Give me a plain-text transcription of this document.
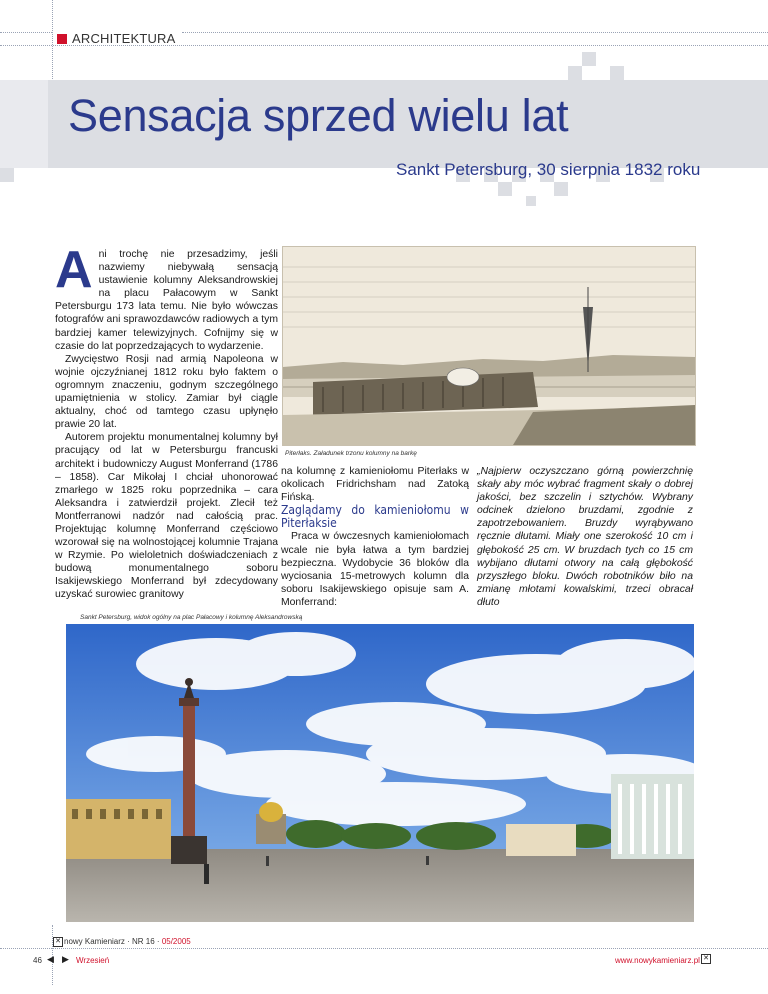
ARCHITEKTURA
Sensacja sprzed wielu lat
Sankt Petersburg, 30 sierpnia 1832 roku
A ni trochę nie przesadzimy, jeśli nazwiemy niebywałą sensacją ustawienie kolumny Aleksandrowskiej na placu Pałacowym w Sankt Petersburgu 173 lata temu. Nie było wówczas fotografów ani sprawozdawców radiowych a tym bardziej kamer telewizyjnych. Cofnijmy się w czasie do lat poprzedzających to wydarzenie.

Zwycięstwo Rosji nad armią Napoleona w wojnie ojczyźnianej 1812 roku było faktem o ogromnym znaczeniu, godnym szczególnego upamiętnienia w stolicy. Zamiar był ciągle aktualny, choć od tamtego czasu upłynęło prawie 20 lat.

Autorem projektu monumentalnej kolumny był pracujący od lat w Petersburgu francuski architekt i budowniczy August Monferrand (1786 – 1858). Car Mikołaj I chciał uhonorować zmarłego w 1825 roku poprzednika – cara Aleksandra i zatwierdził projekt. Zlecił też Montferranowi nadzór nad całością prac. Projektując kolumnę Monferrand częściowo wzorował się na wolnostojącej kolumnie Trajana w Rzymie. Po wieloletnich doświadczeniach z budową monumentalnego soboru Isakijewskiego Monferrand był zdecydowany uzyskać surowiec granitowy

Piterłaks. Załadunek trzonu kolumny na barkę

na kolumnę z kamieniołomu Piterłaks w okolicach Fridrichsham nad Zatoką Fińską.

Zaglądamy do kamieniołomu w Piterłaksie

Praca w ówczesnych kamieniołomach wcale nie była łatwa a tym bardziej bezpieczna. Wydobycie 36 bloków dla wyciosania 15-metrowych kolumn dla soboru Isakijewskiego opisuje sam A. Monferrand:

„Najpierw oczyszczano górną powierzchnię skały aby móc wybrać fragment skały o dobrej jakości, bez szczelin i sztychów. Wybrany odcinek dzielono bruzdami, zgodnie z zapotrzebowaniem. Bruzdy wyrąbywano ręcznie dłutami. Miały one szerokość 10 cm i głębokość 25 cm. W bruzdach tych co 15 cm wybijano dłutami otwory na całą głębokość przyszłego bloku. Dwóch robotników biło na zmianę młotami kowalskimi, trzeci obracał dłuto

Sankt Petersburg, widok ogólny na plac Pałacowy i kolumnę Aleksandrowską
✕ nowy Kamieniarz · NR 16 · 05/2005
46 ◀ ▶ Wrzesień	www.nowykamieniarz.pl ✕
